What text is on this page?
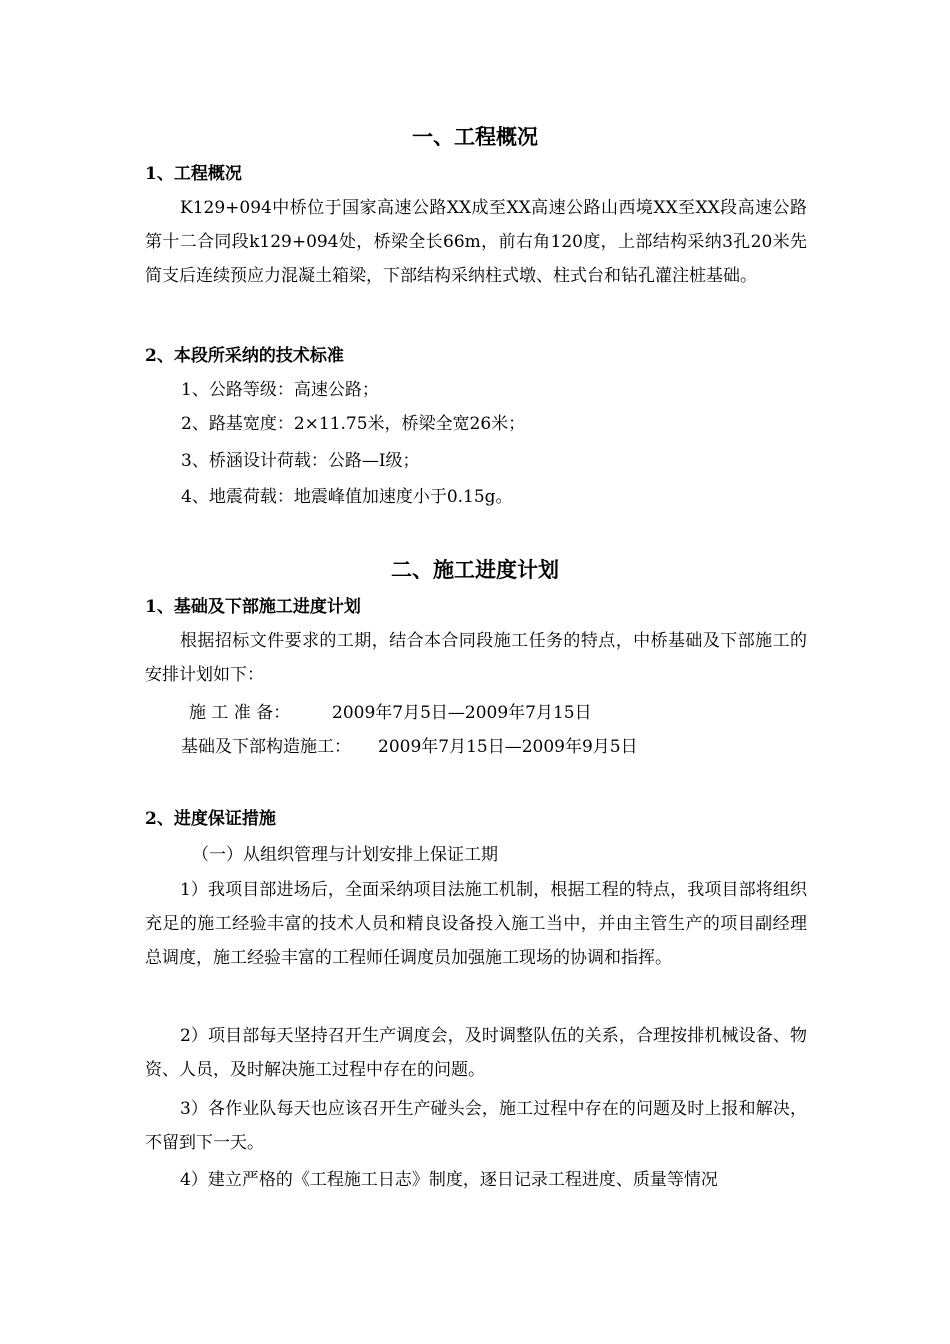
一、工程概况
1、工程概况
K129+094中桥位于国家高速公路XX成至XX高速公路山西境XX至XX段高速公路第十二合同段k129+094处，桥梁全长66m，前右角120度，上部结构采纳3孔20米先简支后连续预应力混凝土箱梁，下部结构采纳柱式墩、柱式台和钻孔灌注桩基础。
2、本段所采纳的技术标准
1、公路等级：高速公路；
2、路基宽度：2×11.75米，桥梁全宽26米；
3、桥涵设计荷载：公路—I级；
4、地震荷载：地震峰值加速度小于0.15g。
二、施工进度计划
1、基础及下部施工进度计划
根据招标文件要求的工期，结合本合同段施工任务的特点，中桥基础及下部施工的安排计划如下：
施 工 准 备： 2009年7月5日—2009年7月15日
基础及下部构造施工： 2009年7月15日—2009年9月5日
2、进度保证措施
（一）从组织管理与计划安排上保证工期
1）我项目部进场后，全面采纳项目法施工机制，根据工程的特点，我项目部将组织充足的施工经验丰富的技术人员和精良设备投入施工当中，并由主管生产的项目副经理总调度，施工经验丰富的工程师任调度员加强施工现场的协调和指挥。
2）项目部每天坚持召开生产调度会，及时调整队伍的关系，合理按排机械设备、物资、人员，及时解决施工过程中存在的问题。
3）各作业队每天也应该召开生产碰头会，施工过程中存在的问题及时上报和解决，不留到下一天。
4）建立严格的《工程施工日志》制度，逐日记录工程进度、质量等情况
